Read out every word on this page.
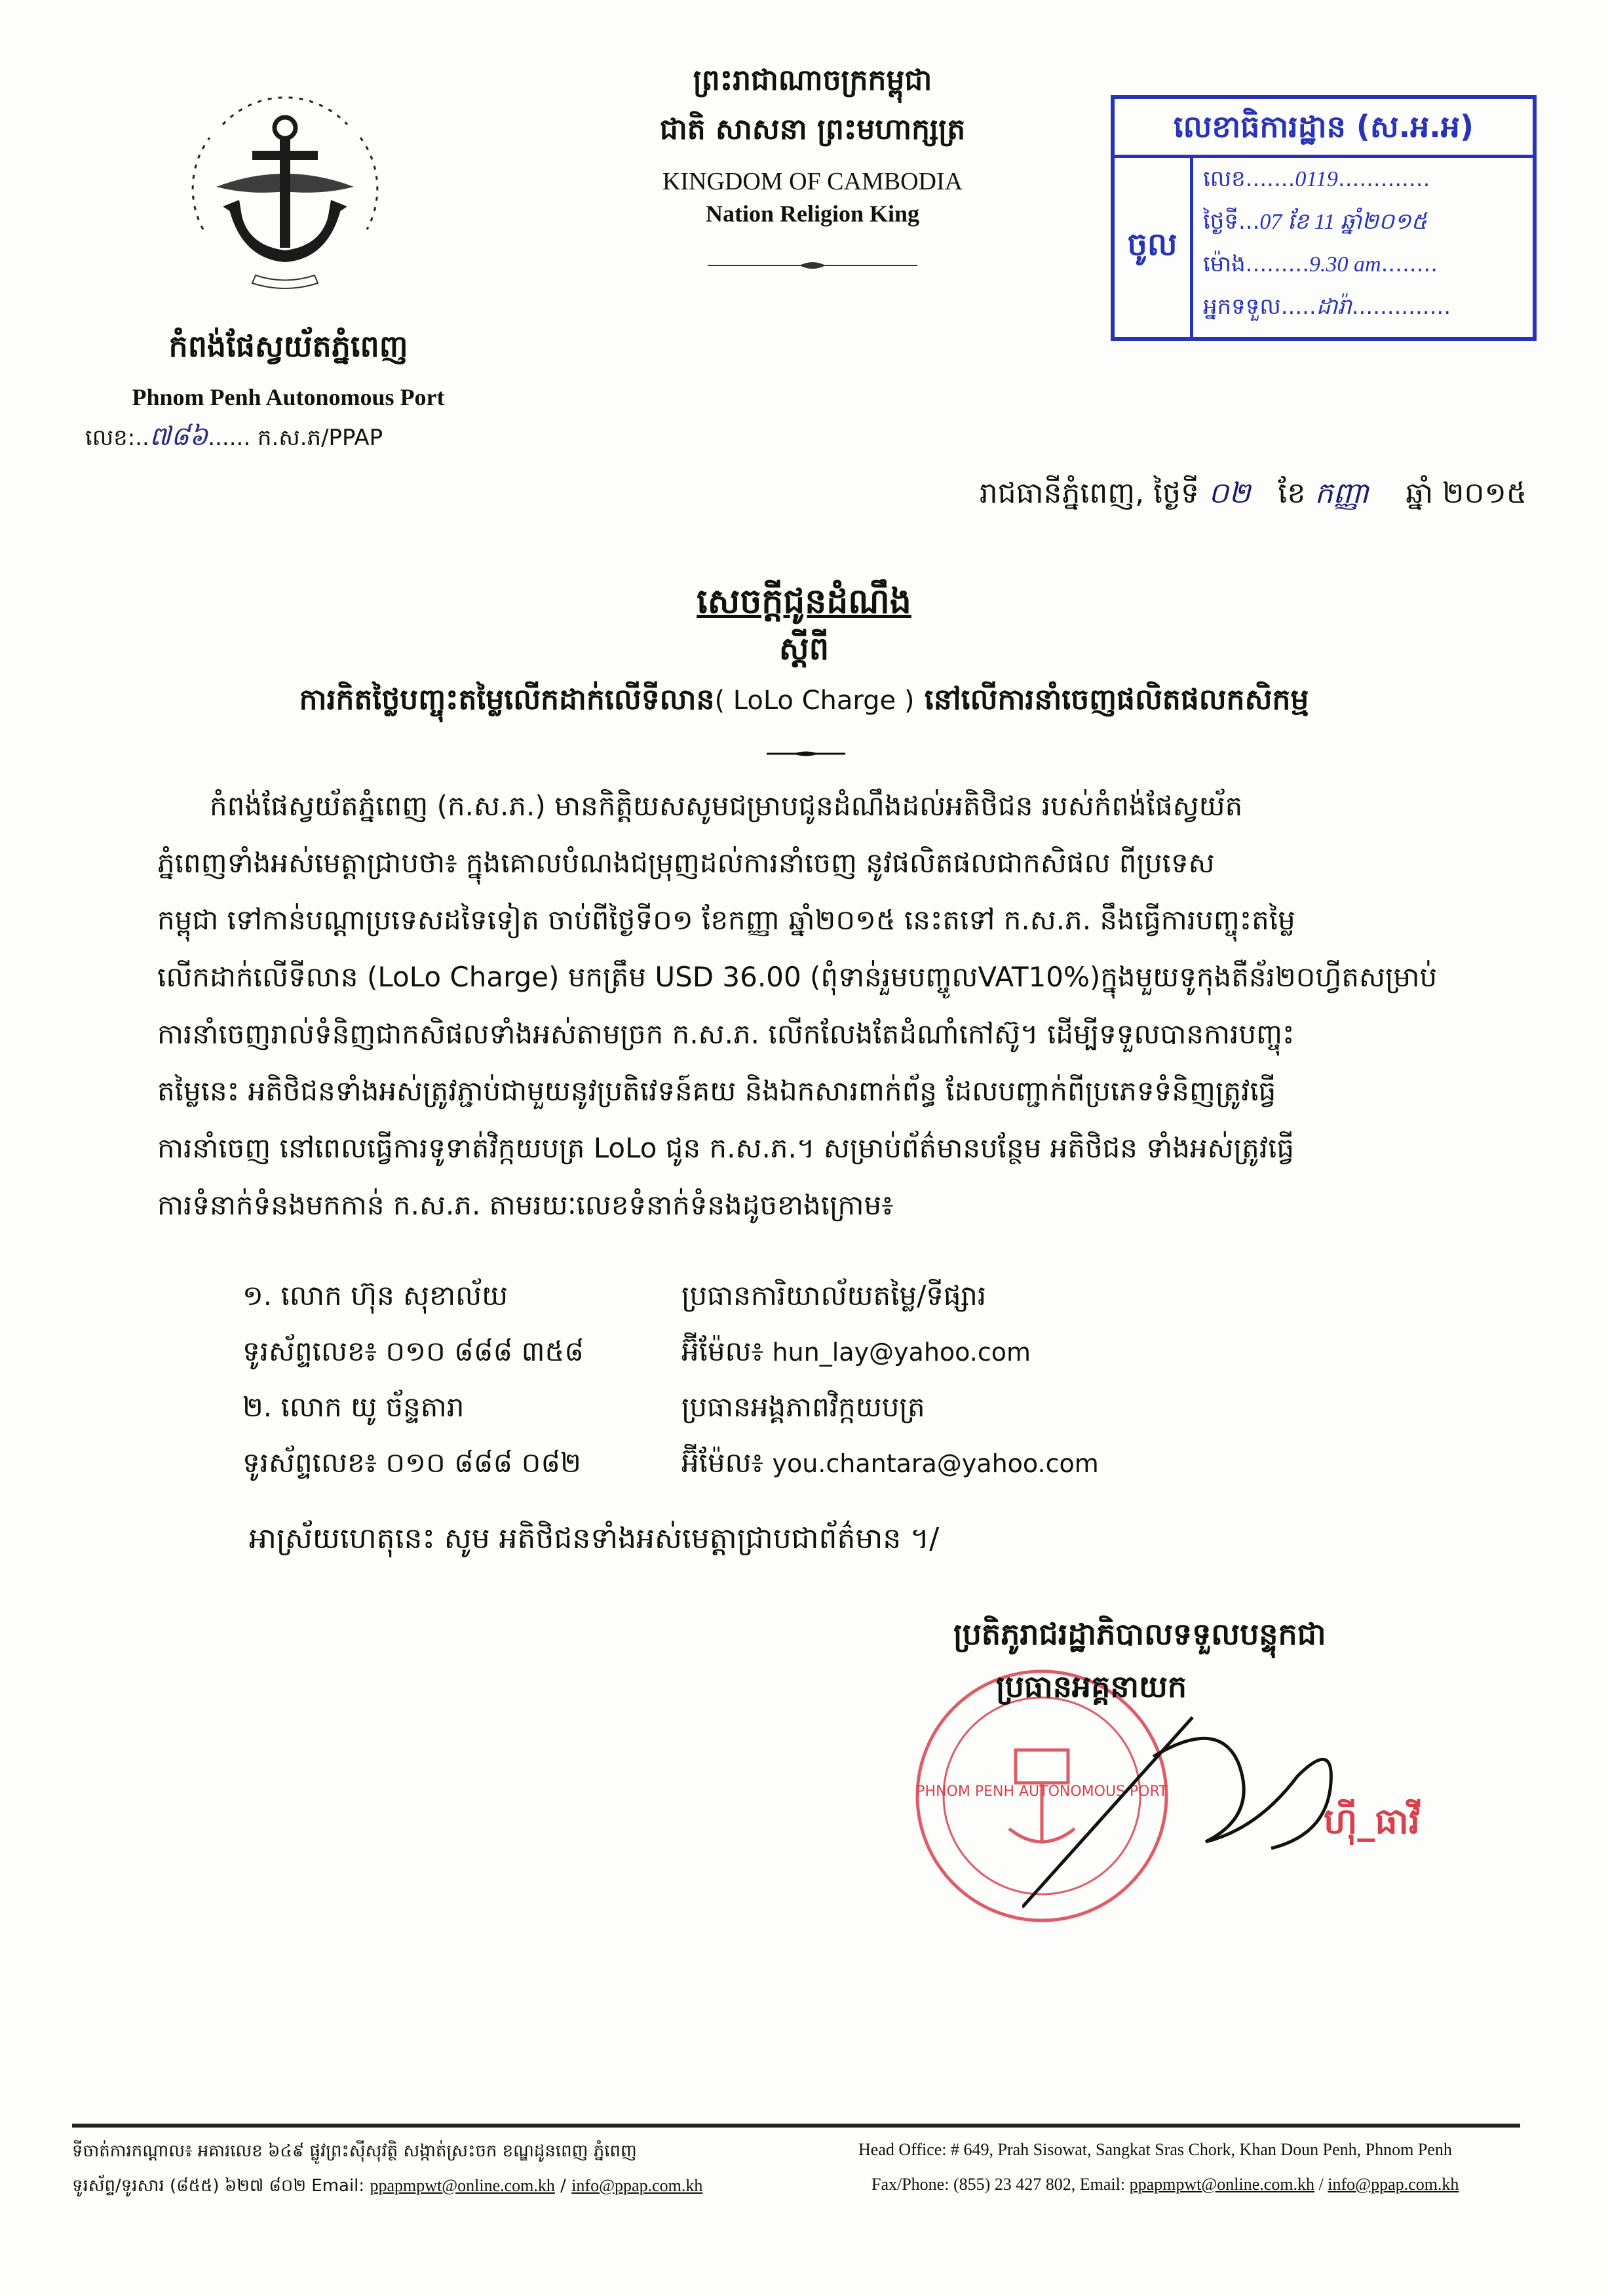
កំពង់ផែស្វយ័តភ្នំពេញ
Phnom Penh Autonomous Port
លេខ:..៧៨៦...... ក.ស.ភ/PPAP
ព្រះរាជាណាចក្រកម្ពុជា
ជាតិ សាសនា ព្រះមហាក្សត្រ
KINGDOM OF CAMBODIA
Nation Religion King
លេខាធិការដ្ឋាន (ស.អ.អ)
ចូល
លេខ.......0119.............
ថ្ងៃទី...07 ខែ 11 ឆ្នាំ២០១៥
ម៉ោង.........9.30 am........
អ្នកទទួល.....ដារ៉ា..............
រាជធានីភ្នំពេញ, ថ្ងៃទី ០២ ខែ កញ្ញា ឆ្នាំ ២០១៥
សេចក្ដីជូនដំណឹង
ស្ដីពី
ការកិតថ្លៃបញ្ចុះតម្លៃលើកដាក់លើទីលាន( LoLo Charge ) នៅលើការនាំចេញផលិតផលកសិកម្ម
កំពង់ផែស្វយ័តភ្នំពេញ (ក.ស.ភ.) មានកិត្តិយសសូមជម្រាបជូនដំណឹងដល់អតិថិជន របស់កំពង់ផែស្វយ័ត
ភ្នំពេញទាំងអស់មេត្តាជ្រាបថា៖ ក្នុងគោលបំណងជម្រុញដល់ការនាំចេញ នូវផលិតផលជាកសិផល ពីប្រទេស
កម្ពុជា ទៅកាន់បណ្ដាប្រទេសដទៃទៀត ចាប់ពីថ្ងៃទី០១ ខែកញ្ញា ឆ្នាំ២០១៥ នេះតទៅ ក.ស.ភ. នឹងធ្វើការបញ្ចុះតម្លៃ
លើកដាក់លើទីលាន (LoLo Charge) មកត្រឹម USD 36.00 (ពុំទាន់រួមបញ្ចូលVAT10%)ក្នុងមួយទូកុងតឺន័រ២០ហ្វីតសម្រាប់
ការនាំចេញរាល់ទំនិញជាកសិផលទាំងអស់តាមច្រក ក.ស.ភ. លើកលែងតែដំណាំកៅស៊ូ។ ដើម្បីទទួលបានការបញ្ចុះ
តម្លៃនេះ អតិថិជនទាំងអស់ត្រូវភ្ជាប់ជាមួយនូវប្រតិវេទន៍គយ និងឯកសារពាក់ព័ន្ធ ដែលបញ្ជាក់ពីប្រភេទទំនិញត្រូវធ្វើ
ការនាំចេញ នៅពេលធ្វើការទូទាត់វិក្កយបត្រ LoLo ជូន ក.ស.ភ.។ សម្រាប់ព័ត៌មានបន្ថែម អតិថិជន ទាំងអស់ត្រូវធ្វើ
ការទំនាក់ទំនងមកកាន់ ក.ស.ភ. តាមរយៈលេខទំនាក់ទំនងដូចខាងក្រោម៖
១. លោក ហ៊ុន សុខាល័យ	ប្រធានការិយាល័យតម្លៃ/ទីផ្សារ
ទូរស័ព្ទលេខ៖ ០១០ ៨៨៨ ៣៥៨	អ៊ីម៉ែល៖ hun_lay@yahoo.com
២. លោក យូ ច័ន្ទតារា	ប្រធានអង្គភាពវិក្កយបត្រ
ទូរស័ព្ទលេខ៖ ០១០ ៨៨៨ ០៨២	អ៊ីម៉ែល៖ you.chantara@yahoo.com
អាស្រ័យហេតុនេះ សូម អតិថិជនទាំងអស់មេត្តាជ្រាបជាព័ត៌មាន ។/
PHNOM PENH AUTONOMOUS PORT
ប្រតិភូរាជរដ្ឋាភិបាលទទួលបន្ទុកជា
ប្រធានអគ្គនាយក
ហ៊ី_ធាវី
ទីចាត់ការកណ្ដាល៖ អគារលេខ ៦៤៩ ផ្លូវព្រះស៊ីសុវត្ថិ សង្កាត់ស្រះចក ខណ្ឌដូនពេញ ភ្នំពេញ
ទូរស័ព្ទ/ទូរសារ (៨៥៥) ៦២៧ ៨០២ Email: ppapmpwt@online.com.kh / info@ppap.com.kh
Head Office: # 649, Prah Sisowat, Sangkat Sras Chork, Khan Doun Penh, Phnom Penh
Fax/Phone: (855) 23 427 802, Email: ppapmpwt@online.com.kh / info@ppap.com.kh
